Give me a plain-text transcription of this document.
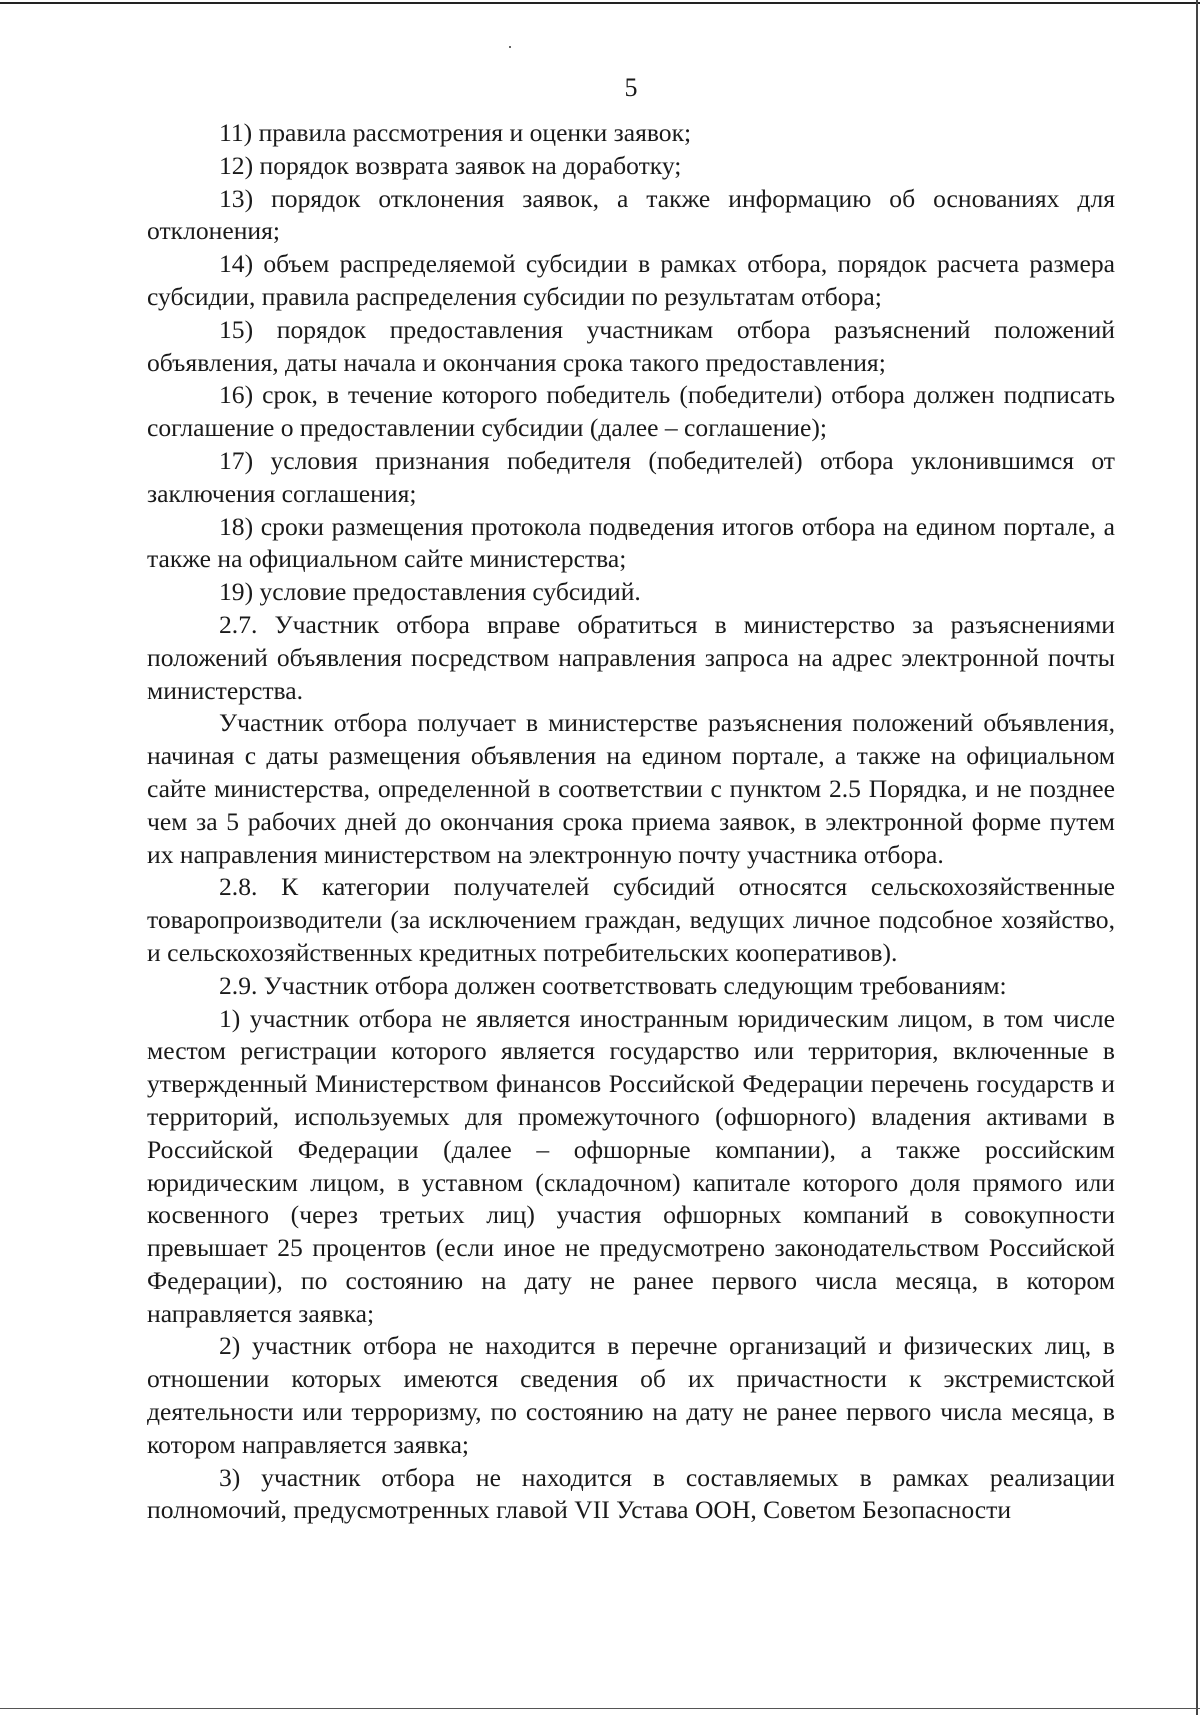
5

11) правила рассмотрения и оценки заявок;

12) порядок возврата заявок на доработку;

13) порядок отклонения заявок, а также информацию об основаниях для отклонения;

14) объем распределяемой субсидии в рамках отбора, порядок расчета размера субсидии, правила распределения субсидии по результатам отбора;

15) порядок предоставления участникам отбора разъяснений положений объявления, даты начала и окончания срока такого предоставления;

16) срок, в течение которого победитель (победители) отбора должен подписать соглашение о предоставлении субсидии (далее – соглашение);

17) условия признания победителя (победителей) отбора уклонившимся от заключения соглашения;

18) сроки размещения протокола подведения итогов отбора на едином портале, а также на официальном сайте министерства;

19) условие предоставления субсидий.

2.7. Участник отбора вправе обратиться в министерство за разъяснениями положений объявления посредством направления запроса на адрес электронной почты министерства.

Участник отбора получает в министерстве разъяснения положений объявления, начиная с даты размещения объявления на едином портале, а также на официальном сайте министерства, определенной в соответствии с пунктом 2.5 Порядка, и не позднее чем за 5 рабочих дней до окончания срока приема заявок, в электронной форме путем их направления министерством на электронную почту участника отбора.

2.8. К категории получателей субсидий относятся сельскохозяйственные товаропроизводители (за исключением граждан, ведущих личное подсобное хозяйство, и сельскохозяйственных кредитных потребительских кооперативов).

2.9. Участник отбора должен соответствовать следующим требованиям:

1) участник отбора не является иностранным юридическим лицом, в том числе местом регистрации которого является государство или территория, включенные в утвержденный Министерством финансов Российской Федерации перечень государств и территорий, используемых для промежуточного (офшорного) владения активами в Российской Федерации (далее – офшорные компании), а также российским юридическим лицом, в уставном (складочном) капитале которого доля прямого или косвенного (через третьих лиц) участия офшорных компаний в совокупности превышает 25 процентов (если иное не предусмотрено законодательством Российской Федерации), по состоянию на дату не ранее первого числа месяца, в котором направляется заявка;

2) участник отбора не находится в перечне организаций и физических лиц, в отношении которых имеются сведения об их причастности к экстремистской деятельности или терроризму, по состоянию на дату не ранее первого числа месяца, в котором направляется заявка;

3) участник отбора не находится в составляемых в рамках реализации полномочий, предусмотренных главой VII Устава ООН, Советом Безопасности
